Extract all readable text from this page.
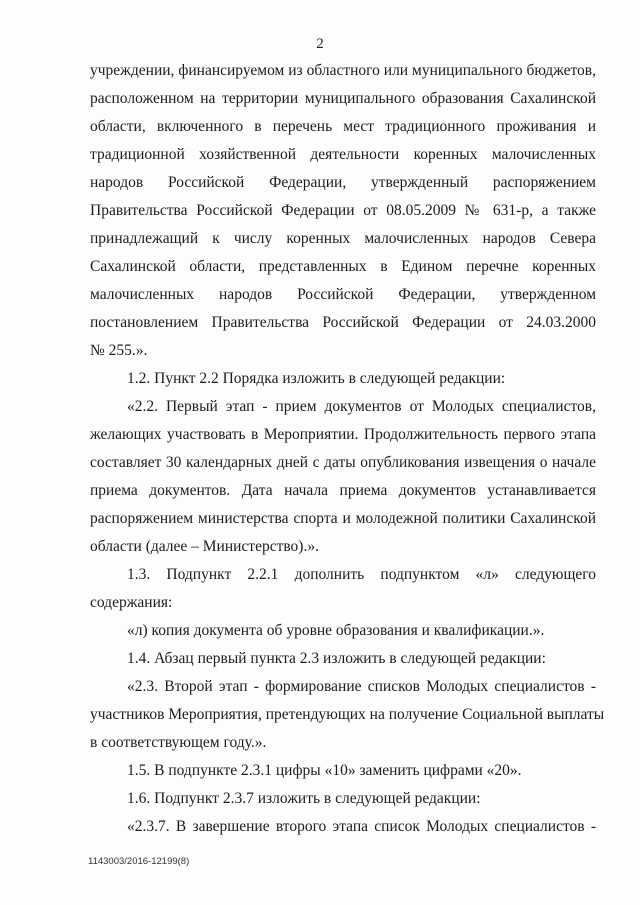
2
учреждении, финансируемом из областного или муниципального бюджетов,
расположенном на территории муниципального образования Сахалинской
области, включенного в перечень мест традиционного проживания и
традиционной хозяйственной деятельности коренных малочисленных
народов Российской Федерации, утвержденный распоряжением
Правительства Российской Федерации от 08.05.2009 № 631-р, а также
принадлежащий к числу коренных малочисленных народов Севера
Сахалинской области, представленных в Едином перечне коренных
малочисленных народов Российской Федерации, утвержденном
постановлением Правительства Российской Федерации от 24.03.2000
№ 255.».
1.2. Пункт 2.2 Порядка изложить в следующей редакции:
«2.2. Первый этап - прием документов от Молодых специалистов,
желающих участвовать в Мероприятии. Продолжительность первого этапа
составляет 30 календарных дней с даты опубликования извещения о начале
приема документов. Дата начала приема документов устанавливается
распоряжением министерства спорта и молодежной политики Сахалинской
области (далее – Министерство).».
1.3. Подпункт 2.2.1 дополнить подпунктом «л» следующего
содержания:
«л) копия документа об уровне образования и квалификации.».
1.4. Абзац первый пункта 2.3 изложить в следующей редакции:
«2.3. Второй этап - формирование списков Молодых специалистов -
участников Мероприятия, претендующих на получение Социальной выплаты
в соответствующем году.».
1.5. В подпункте 2.3.1 цифры «10» заменить цифрами «20».
1.6. Подпункт 2.3.7 изложить в следующей редакции:
«2.3.7. В завершение второго этапа список Молодых специалистов -
1143003/2016-12199(8)
